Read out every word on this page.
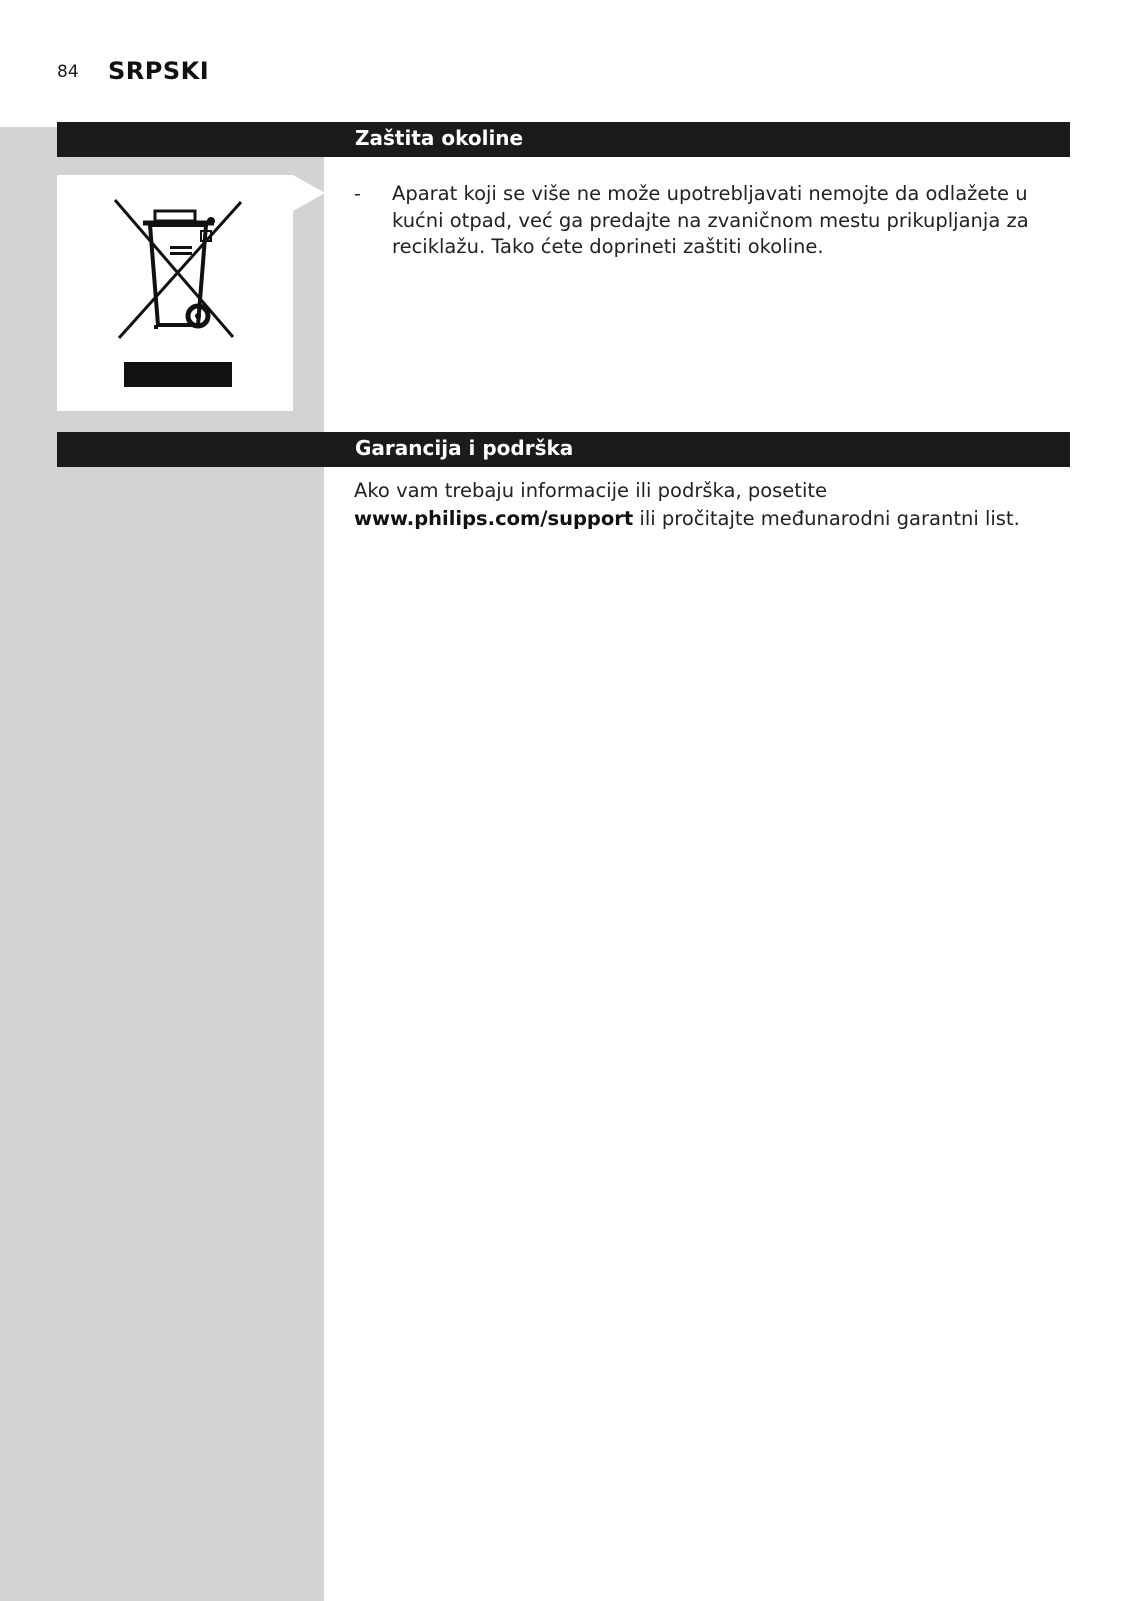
84 SRPSKI
Zaštita okoline
- Aparat koji se više ne može upotrebljavati nemojte da odlažete u kućni otpad, već ga predajte na zvaničnom mestu prikupljanja za reciklažu. Tako ćete doprineti zaštiti okoline.
Garancija i podrška
Ako vam trebaju informacije ili podrška, posetite
www.philips.com/support ili pročitajte međunarodni garantni list.
